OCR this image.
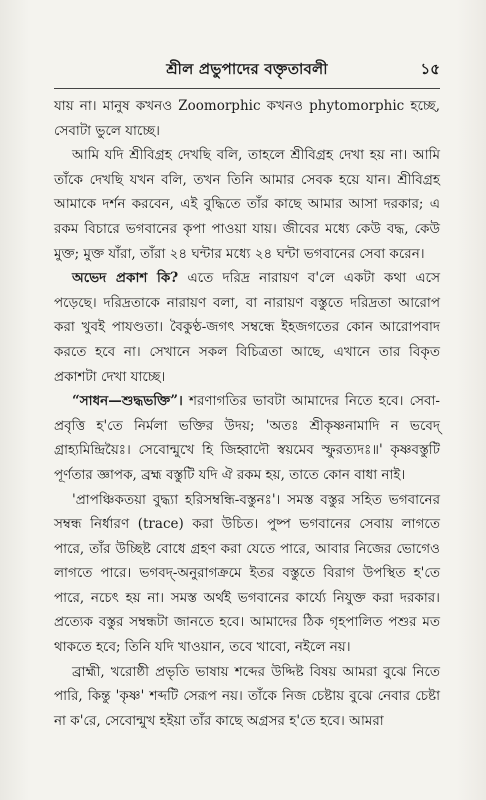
শ্রীল প্রভুপাদের বক্তৃতাবলী	১৫

যায় না। মানুষ কখনও Zoomorphic কখনও phytomorphic হচ্ছে, সেবাটা ভুলে যাচ্ছে।

আমি যদি শ্রীবিগ্রহ দেখছি বলি, তাহলে শ্রীবিগ্রহ দেখা হয় না। আমি তাঁকে দেখছি যখন বলি, তখন তিনি আমার সেবক হয়ে যান। শ্রীবিগ্রহ আমাকে দর্শন করবেন, এই বুদ্ধিতে তাঁর কাছে আমার আসা দরকার; এ রকম বিচারে ভগবানের কৃপা পাওয়া যায়। জীবের মধ্যে কেউ বদ্ধ, কেউ মুক্ত; মুক্ত যাঁরা, তাঁরা ২৪ ঘন্টার মধ্যে ২৪ ঘন্টা ভগবানের সেবা করেন।

অভেদ প্রকাশ কি? এতে দরিদ্র নারায়ণ ব'লে একটা কথা এসে পড়েছে। দরিদ্রতাকে নারায়ণ বলা, বা নারায়ণ বস্তুতে দরিদ্রতা আরোপ করা খুবই পাযণ্ডতা। বৈকুণ্ঠ-জগৎ সম্বন্ধে ইহজগতের কোন আরোপবাদ করতে হবে না। সেখানে সকল বিচিত্রতা আছে, এখানে তার বিকৃত প্রকাশটা দেখা যাচ্ছে।

“সাধন—শুদ্ধভক্তি”। শরণাগতির ভাবটা আমাদের নিতে হবে। সেবা-প্রবৃত্তি হ'তে নির্মলা ভক্তির উদয়; 'অতঃ শ্রীকৃষ্ণনামাদি ন ভবেদ্ গ্রাহ্যমিন্দ্রিয়ৈঃ। সেবোন্মুখে হি জিহ্বাদৌ স্বয়মেব স্ফুরত্যদঃ॥' কৃষ্ণবস্তুটি পূর্ণতার জ্ঞাপক, ব্রহ্ম বস্তুটি যদি ঐ রকম হয়, তাতে কোন বাধা নাই।

'প্রাপঞ্চিকতয়া বুদ্ধ্যা হরিসম্বন্ধি-বস্তুনঃ'। সমস্ত বস্তুর সহিত ভগবানের সম্বন্ধ নির্ধারণ (trace) করা উচিত। পুষ্প ভগবানের সেবায় লাগতে পারে, তাঁর উচ্ছিষ্ট বোধে গ্রহণ করা যেতে পারে, আবার নিজের ভোগেও লাগতে পারে। ভগবদ্-অনুরাগক্রমে ইতর বস্তুতে বিরাগ উপস্থিত হ'তে পারে, নচেৎ হয় না। সমস্ত অর্থই ভগবানের কার্য্যে নিযুক্ত করা দরকার। প্রত্যেক বস্তুর সম্বন্ধটা জানতে হবে। আমাদের ঠিক গৃহপালিত পশুর মত থাকতে হবে; তিনি যদি খাওয়ান, তবে খাবো, নইলে নয়।

ব্রাহ্মী, খরোষ্ঠী প্রভৃতি ভাষায় শব্দের উদ্দিষ্ট বিষয় আমরা বুঝে নিতে পারি, কিন্তু 'কৃষ্ণ' শব্দটি সেরূপ নয়। তাঁকে নিজ চেষ্টায় বুঝে নেবার চেষ্টা না ক'রে, সেবোন্মুখ হইয়া তাঁর কাছে অগ্রসর হ'তে হবে। আমরা
